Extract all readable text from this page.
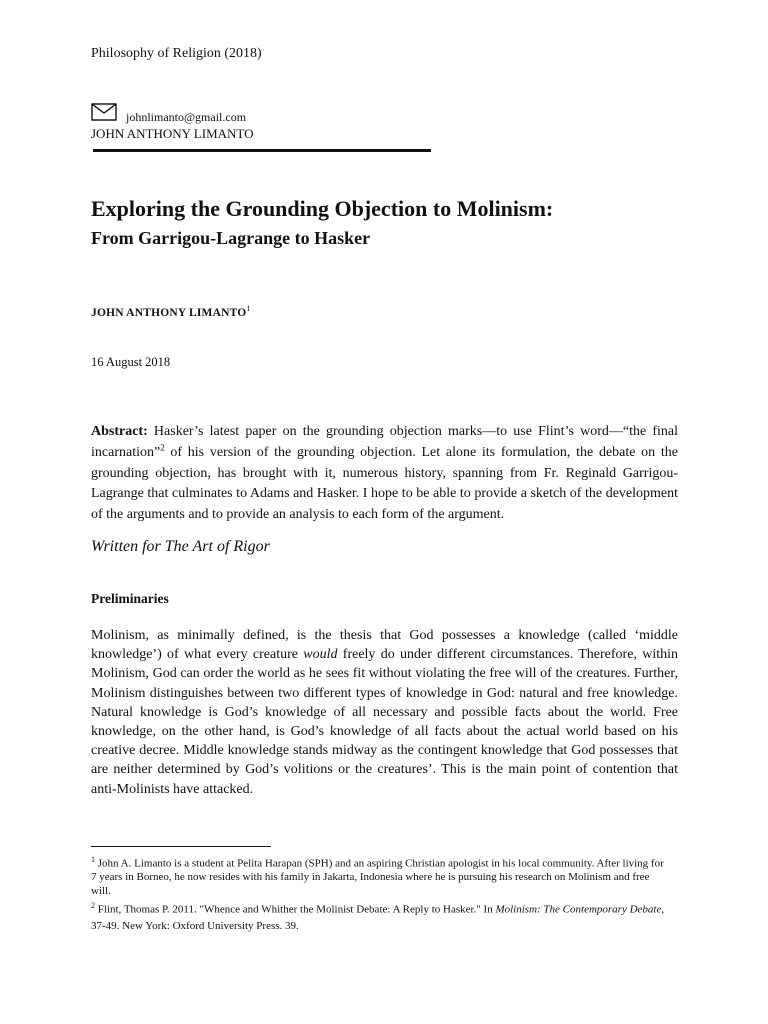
Philosophy of Religion (2018)
johnlimanto@gmail.com
JOHN ANTHONY LIMANTO
Exploring the Grounding Objection to Molinism:
From Garrigou-Lagrange to Hasker
JOHN ANTHONY LIMANTO$^1$
16 August 2018
Abstract: Hasker’s latest paper on the grounding objection marks—to use Flint’s word—“the final incarnation”$^2$ of his version of the grounding objection. Let alone its formulation, the debate on the grounding objection, has brought with it, numerous history, spanning from Fr. Reginald Garrigou-Lagrange that culminates to Adams and Hasker. I hope to be able to provide a sketch of the development of the arguments and to provide an analysis to each form of the argument.
Written for The Art of Rigor
Preliminaries
Molinism, as minimally defined, is the thesis that God possesses a knowledge (called ‘middle knowledge’) of what every creature would freely do under different circumstances. Therefore, within Molinism, God can order the world as he sees fit without violating the free will of the creatures. Further, Molinism distinguishes between two different types of knowledge in God: natural and free knowledge. Natural knowledge is God’s knowledge of all necessary and possible facts about the world. Free knowledge, on the other hand, is God’s knowledge of all facts about the actual world based on his creative decree. Middle knowledge stands midway as the contingent knowledge that God possesses that are neither determined by God’s volitions or the creatures’. This is the main point of contention that anti-Molinists have attacked.
$^1$ John A. Limanto is a student at Pelita Harapan (SPH) and an aspiring Christian apologist in his local community. After living for 7 years in Borneo, he now resides with his family in Jakarta, Indonesia where he is pursuing his research on Molinism and free will.
$^2$ Flint, Thomas P. 2011. "Whence and Whither the Molinist Debate: A Reply to Hasker." In Molinism: The Contemporary Debate, 37-49. New York: Oxford University Press. 39.
